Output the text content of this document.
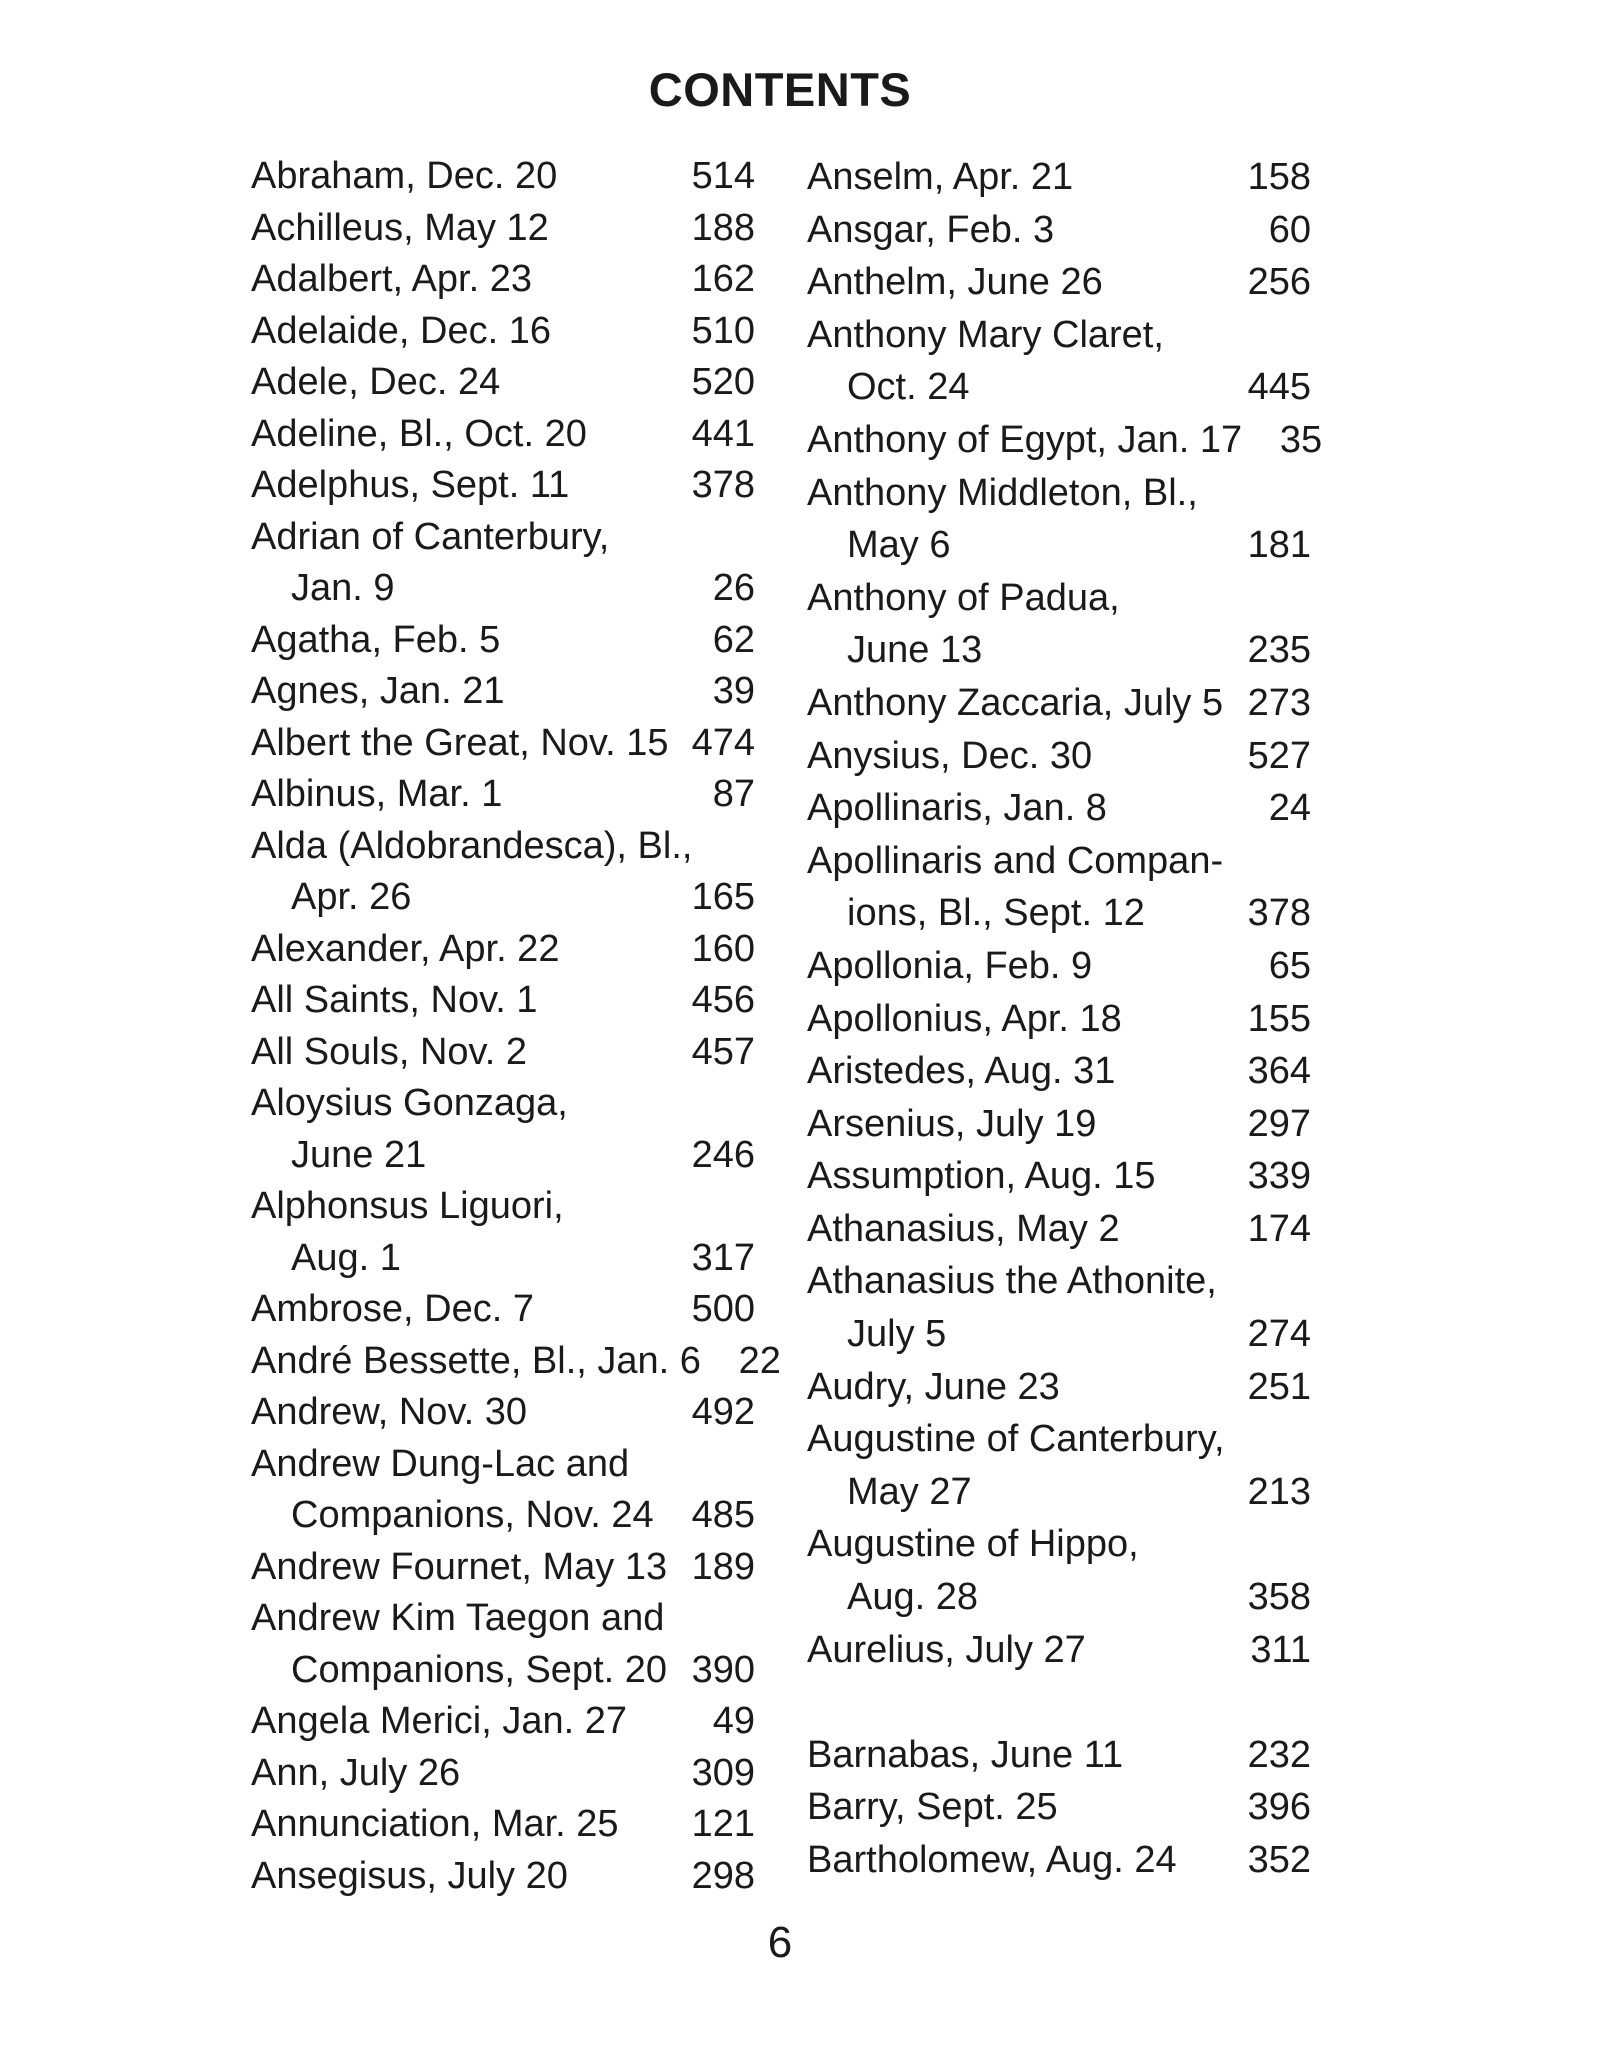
CONTENTS
Abraham, Dec. 20	514
Achilleus, May 12	188
Adalbert, Apr. 23	162
Adelaide, Dec. 16	510
Adele, Dec. 24	520
Adeline, Bl., Oct. 20	441
Adelphus, Sept. 11	378
Adrian of Canterbury,
Jan. 9	26
Agatha, Feb. 5	62
Agnes, Jan. 21	39
Albert the Great, Nov. 15 474
Albinus, Mar. 1	87
Alda (Aldobrandesca), Bl.,
Apr. 26	165
Alexander, Apr. 22	160
All Saints, Nov. 1	456
All Souls, Nov. 2	457
Aloysius Gonzaga,
June 21	246
Alphonsus Liguori,
Aug. 1	317
Ambrose, Dec. 7	500
André Bessette, Bl., Jan. 6 22
Andrew, Nov. 30	492
Andrew Dung-Lac and
Companions, Nov. 24 485
Andrew Fournet, May 13 189
Andrew Kim Taegon and
Companions, Sept. 20 390
Angela Merici, Jan. 27	49
Ann, July 26	309
Annunciation, Mar. 25 121
Ansegisus, July 20	298
Anselm, Apr. 21	158
Ansgar, Feb. 3	60
Anthelm, June 26	256
Anthony Mary Claret,
Oct. 24	445
Anthony of Egypt, Jan. 17 35
Anthony Middleton, Bl.,
May 6	181
Anthony of Padua,
June 13	235
Anthony Zaccaria, July 5 273
Anysius, Dec. 30	527
Apollinaris, Jan. 8	24
Apollinaris and Compan-
ions, Bl., Sept. 12	378
Apollonia, Feb. 9	65
Apollonius, Apr. 18	155
Aristedes, Aug. 31	364
Arsenius, July 19	297
Assumption, Aug. 15 339
Athanasius, May 2	174
Athanasius the Athonite,
July 5	274
Audry, June 23	251
Augustine of Canterbury,
May 27	213
Augustine of Hippo,
Aug. 28	358
Aurelius, July 27	311
Barnabas, June 11	232
Barry, Sept. 25	396
Bartholomew, Aug. 24 352
6
